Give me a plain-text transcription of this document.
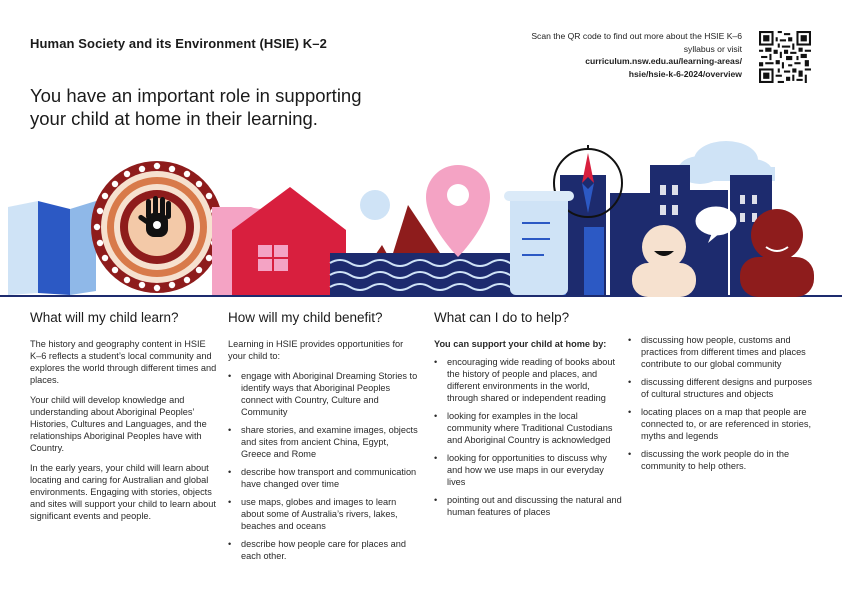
Human Society and its Environment (HSIE) K–2	Scan the QR code to find out more about the HSIE K–6 syllabus or visit
curriculum.nsw.edu.au/learning-areas/
hsie/hsie-k-6-2024/overview
You have an important role in supporting your child at home in their learning.
What will my child learn?

The history and geography content in HSIE K–6 reflects a student’s local community and explores the world through different times and places.

Your child will develop knowledge and understanding about Aboriginal Peoples’ Histories, Cultures and Languages, and the relationships Aboriginal Peoples have with Country.

In the early years, your child will learn about locating and caring for Australian and global environments. Engaging with stories, objects and sites will support your child to learn about significant events and people.

How will my child benefit?

Learning in HSIE provides opportunities for your child to:

• engage with Aboriginal Dreaming Stories to identify ways that Aboriginal Peoples connect with Country, Culture and Community
• share stories, and examine images, objects and sites from ancient China, Egypt, Greece and Rome
• describe how transport and communication have changed over time
• use maps, globes and images to learn about some of Australia’s rivers, lakes, beaches and oceans
• describe how people care for places and each other.
What can I do to help?

You can support your child at home by:

• encouraging wide reading of books about the history of people and places, and different environments in the world, through shared or independent reading
• looking for examples in the local community where Traditional Custodians and Aboriginal Country is acknowledged
• looking for opportunities to discuss why and how we use maps in our everyday lives
• pointing out and discussing the natural and human features of places
• discussing how people, customs and practices from different times and places contribute to our global community
• discussing different designs and purposes of cultural structures and objects
• locating places on a map that people are connected to, or are referenced in stories, myths and legends
• discussing the work people do in the community to help others.
